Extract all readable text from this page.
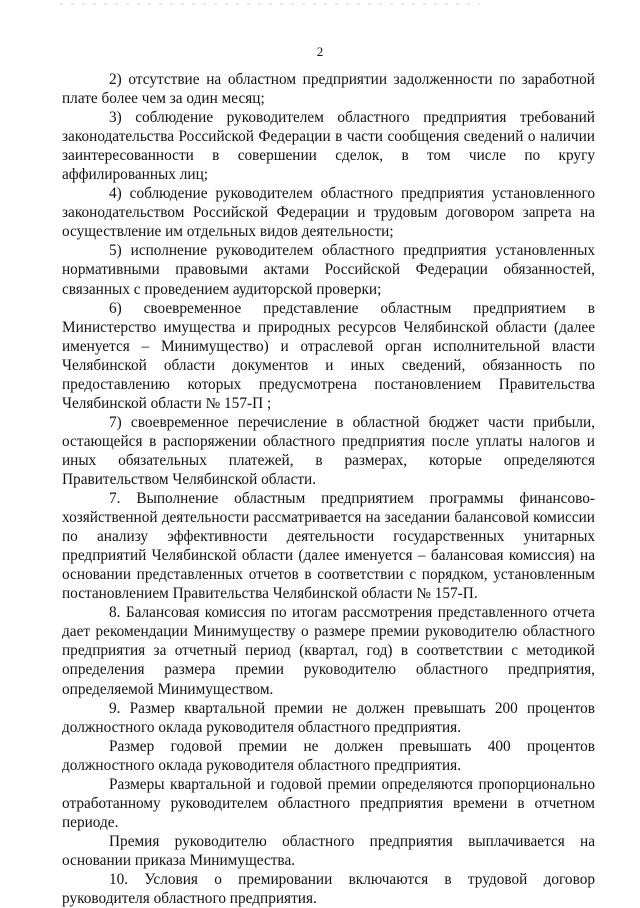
2

2) отсутствие на областном предприятии задолженности по заработной плате более чем за один месяц;

3) соблюдение руководителем областного предприятия требований законодательства Российской Федерации в части сообщения сведений о наличии заинтересованности в совершении сделок, в том числе по кругу аффилированных лиц;

4) соблюдение руководителем областного предприятия установленного законодательством Российской Федерации и трудовым договором запрета на осуществление им отдельных видов деятельности;

5) исполнение руководителем областного предприятия установленных нормативными правовыми актами Российской Федерации обязанностей, связанных с проведением аудиторской проверки;

6) своевременное представление областным предприятием в Министерство имущества и природных ресурсов Челябинской области (далее именуется – Минимущество) и отраслевой орган исполнительной власти Челябинской области документов и иных сведений, обязанность по предоставлению которых предусмотрена постановлением Правительства Челябинской области № 157-П ;

7) своевременное перечисление в областной бюджет части прибыли, остающейся в распоряжении областного предприятия после уплаты налогов и иных обязательных платежей, в размерах, которые определяются Правительством Челябинской области.

7. Выполнение областным предприятием программы финансово-хозяйственной деятельности рассматривается на заседании балансовой комиссии по анализу эффективности деятельности государственных унитарных предприятий Челябинской области (далее именуется – балансовая комиссия) на основании представленных отчетов в соответствии с порядком, установленным постановлением Правительства Челябинской области № 157-П.

8. Балансовая комиссия по итогам рассмотрения представленного отчета дает рекомендации Минимуществу о размере премии руководителю областного предприятия за отчетный период (квартал, год) в соответствии с методикой определения размера премии руководителю областного предприятия, определяемой Минимуществом.

9. Размер квартальной премии не должен превышать 200 процентов должностного оклада руководителя областного предприятия.

Размер годовой премии не должен превышать 400 процентов должностного оклада руководителя областного предприятия.

Размеры квартальной и годовой премии определяются пропорционально отработанному руководителем областного предприятия времени в отчетном периоде.

Премия руководителю областного предприятия выплачивается на основании приказа Минимущества.

10. Условия о премировании включаются в трудовой договор руководителя областного предприятия.
